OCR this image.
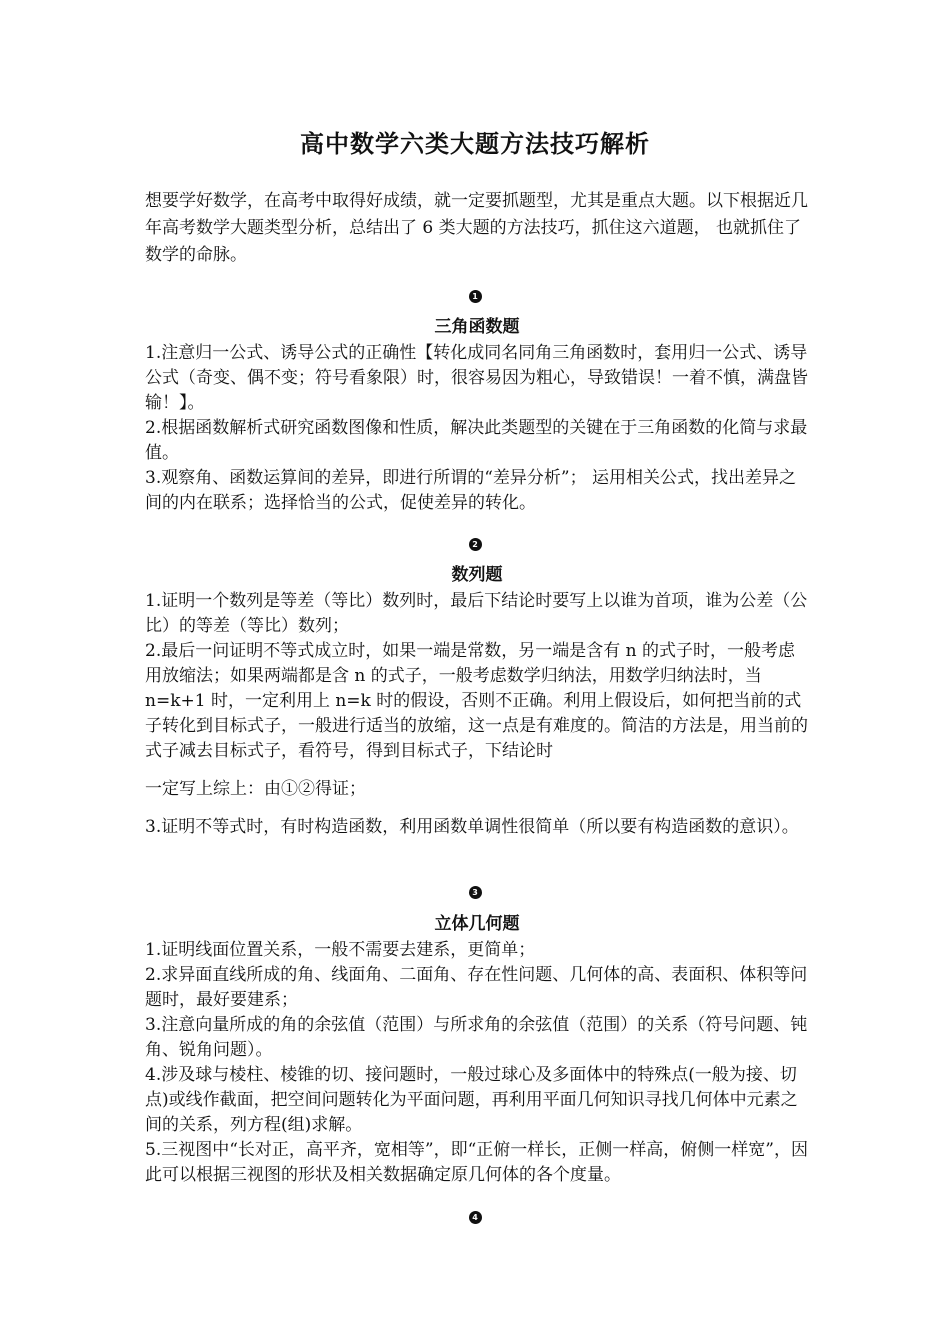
高中数学六类大题方法技巧解析
想要学好数学，在高考中取得好成绩，就一定要抓题型，尤其是重点大题。以下根据近几年高考数学大题类型分析，总结出了 6 类大题的方法技巧，抓住这六道题， 也就抓住了数学的命脉。
1
三角函数题

1.注意归一公式、诱导公式的正确性【转化成同名同角三角函数时，套用归一公式、诱导公式（奇变、偶不变；符号看象限）时，很容易因为粗心，导致错误！一着不慎，满盘皆输！】。

2.根据函数解析式研究函数图像和性质，解决此类题型的关键在于三角函数的化简与求最值。

3.观察角、函数运算间的差异，即进行所谓的“差异分析”； 运用相关公式，找出差异之间的内在联系；选择恰当的公式，促使差异的转化。

2
数列题

1.证明一个数列是等差（等比）数列时，最后下结论时要写上以谁为首项，谁为公差（公比）的等差（等比）数列；

2.最后一问证明不等式成立时，如果一端是常数，另一端是含有 n 的式子时，一般考虑用放缩法；如果两端都是含 n 的式子，一般考虑数学归纳法，用数学归纳法时，当 n=k+1 时，一定利用上 n=k 时的假设，否则不正确。利用上假设后，如何把当前的式子转化到目标式子，一般进行适当的放缩，这一点是有难度的。简洁的方法是，用当前的式子减去目标式子，看符号，得到目标式子，下结论时

一定写上综上：由①②得证；

3.证明不等式时，有时构造函数，利用函数单调性很简单（所以要有构造函数的意识）。

3
立体几何题

1.证明线面位置关系，一般不需要去建系，更简单；

2.求异面直线所成的角、线面角、二面角、存在性问题、几何体的高、表面积、体积等问题时，最好要建系；

3.注意向量所成的角的余弦值（范围）与所求角的余弦值（范围）的关系（符号问题、钝角、锐角问题）。

4.涉及球与棱柱、棱锥的切、接问题时，一般过球心及多面体中的特殊点(一般为接、切点)或线作截面，把空间问题转化为平面问题，再利用平面几何知识寻找几何体中元素之间的关系，列方程(组)求解。

5.三视图中“长对正，高平齐，宽相等”，即“正俯一样长，正侧一样高，俯侧一样宽”，因此可以根据三视图的形状及相关数据确定原几何体的各个度量。

4
